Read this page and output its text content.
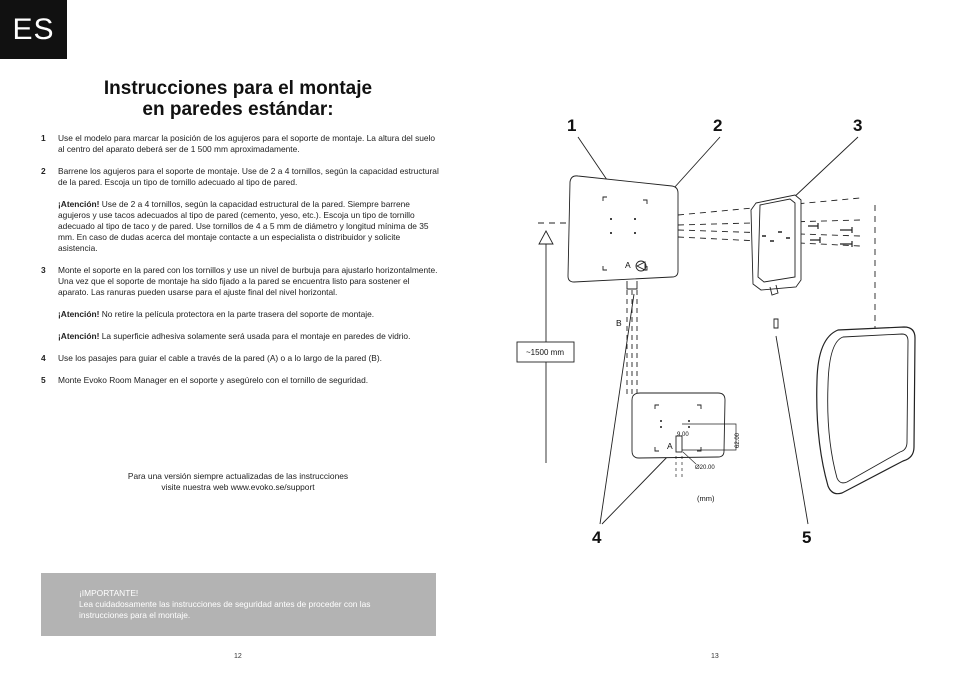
ES
Instrucciones para el montaje
en paredes estándar:
1 Use el modelo para marcar la posición de los agujeros para el soporte de montaje. La altura del suelo al centro del aparato deberá ser de 1 500 mm aproximadamente.
2 Barrene los agujeros para el soporte de montaje. Use de 2 a 4 tornillos, según la capacidad estructural de la pared. Escoja un tipo de tornillo adecuado al tipo de pared.
¡Atención! Use de 2 a 4 tornillos, según la capacidad estructural de la pared. Siempre barrene agujeros y use tacos adecuados al tipo de pared (cemento, yeso, etc.). Escoja un tipo de tornillo adecuado al tipo de taco y de pared. Use tornillos de 4 a 5 mm de diámetro y longitud mínima de 35 mm. En caso de dudas acerca del montaje contacte a un especialista o distribuidor y solicite asistencia.
3 Monte el soporte en la pared con los tornillos y use un nivel de burbuja para ajustarlo horizontalmente. Una vez que el soporte de montaje ha sido fijado a la pared se encuentra listo para sostener el aparato. Las ranuras pueden usarse para el ajuste final del nivel horizontal.
¡Atención! No retire la película protectora en la parte trasera del soporte de montaje.
¡Atención! La superficie adhesiva solamente será usada para el montaje en paredes de vidrio.
4 Use los pasajes para guiar el cable a través de la pared (A) o a lo largo de la pared (B).
5 Monte Evoko Room Manager en el soporte y asegúrelo con el tornillo de seguridad.
Para una versión siempre actualizadas de las instrucciones
visite nuestra web www.evoko.se/support
¡IMPORTANTE!
Lea cuidadosamente las instrucciones de seguridad antes de proceder con las
instrucciones para el montaje.
12	13
1	2	3
4	5
~1500 mm
A
B
A
9.00	62.00
Ø20.00
(mm)
